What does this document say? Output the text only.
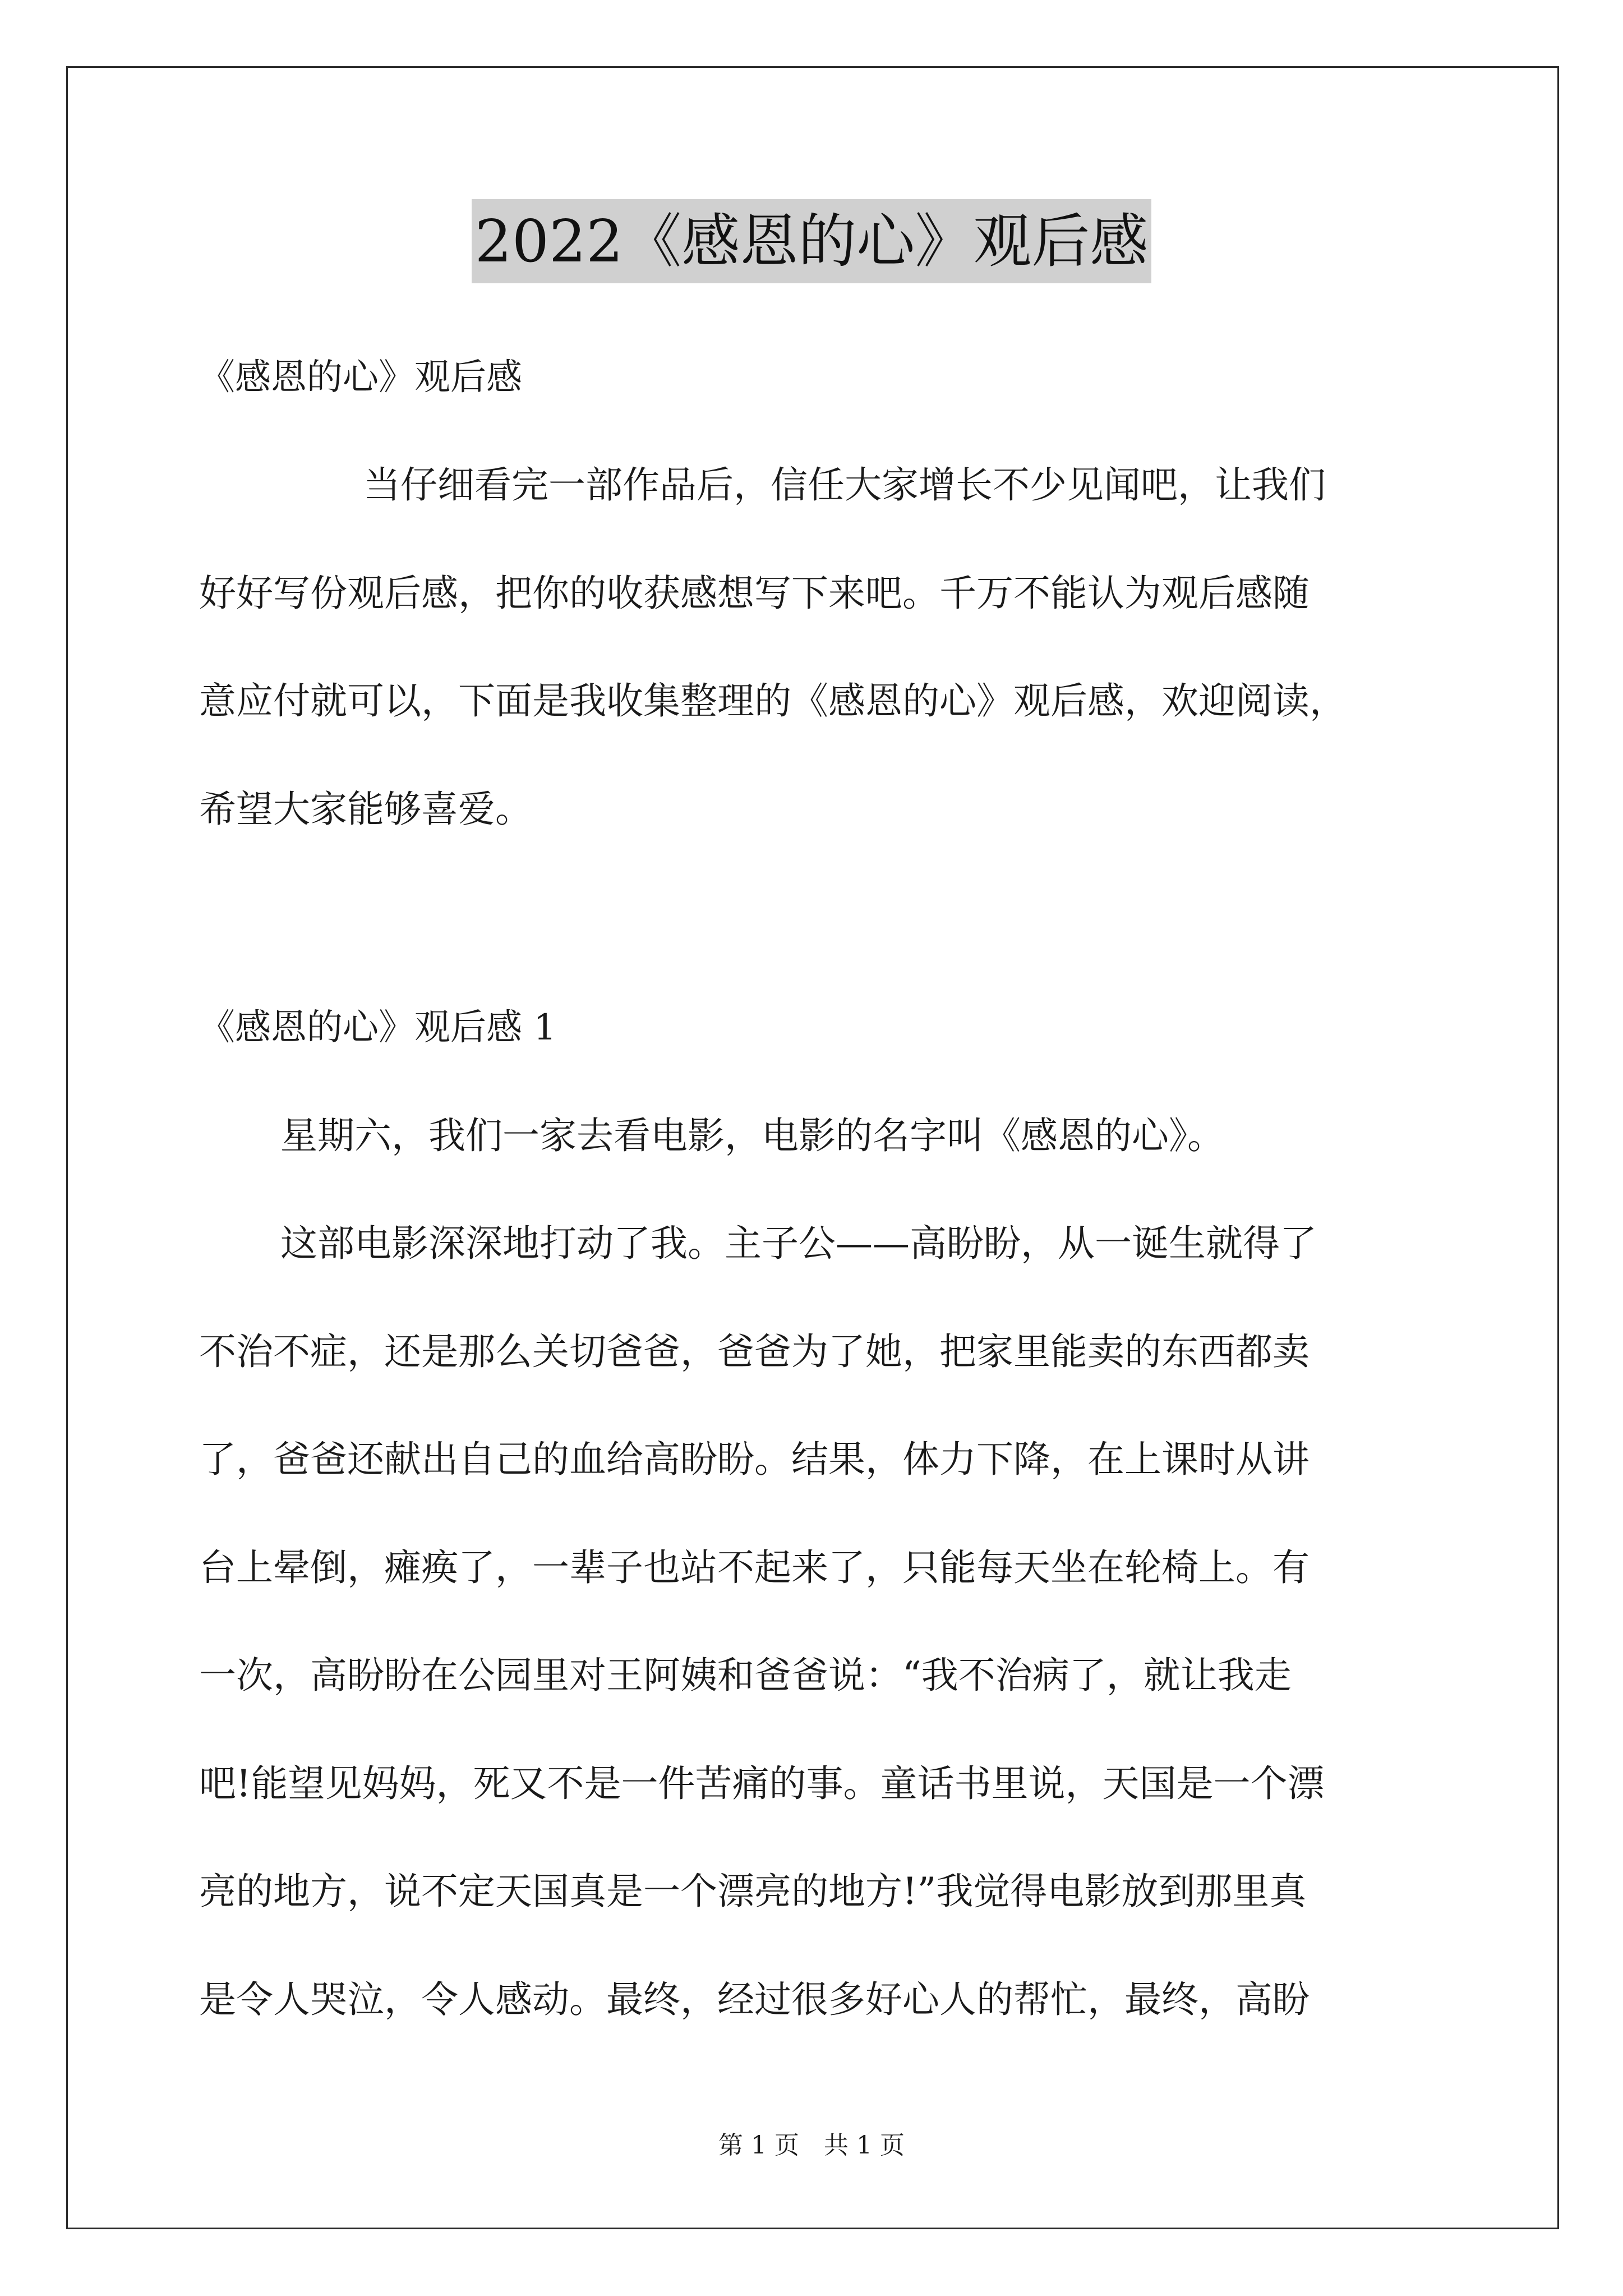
2022《感恩的心》观后感
《感恩的心》观后感
当仔细看完一部作品后，信任大家增长不少见闻吧，让我们
好好写份观后感，把你的收获感想写下来吧。千万不能认为观后感随
意应付就可以，下面是我收集整理的《感恩的心》观后感，欢迎阅读，
希望大家能够喜爱。
《感恩的心》观后感 1
星期六，我们一家去看电影，电影的名字叫《感恩的心》。
这部电影深深地打动了我。主子公——高盼盼，从一诞生就得了
不治不症，还是那么关切爸爸，爸爸为了她，把家里能卖的东西都卖
了，爸爸还献出自己的血给高盼盼。结果，体力下降，在上课时从讲
台上晕倒，瘫痪了，一辈子也站不起来了，只能每天坐在轮椅上。有
一次，高盼盼在公园里对王阿姨和爸爸说：“我不治病了，就让我走
吧!能望见妈妈，死又不是一件苦痛的事。童话书里说，天国是一个漂
亮的地方，说不定天国真是一个漂亮的地方!”我觉得电影放到那里真
是令人哭泣，令人感动。最终，经过很多好心人的帮忙，最终，高盼
第 1 页　共 1 页
